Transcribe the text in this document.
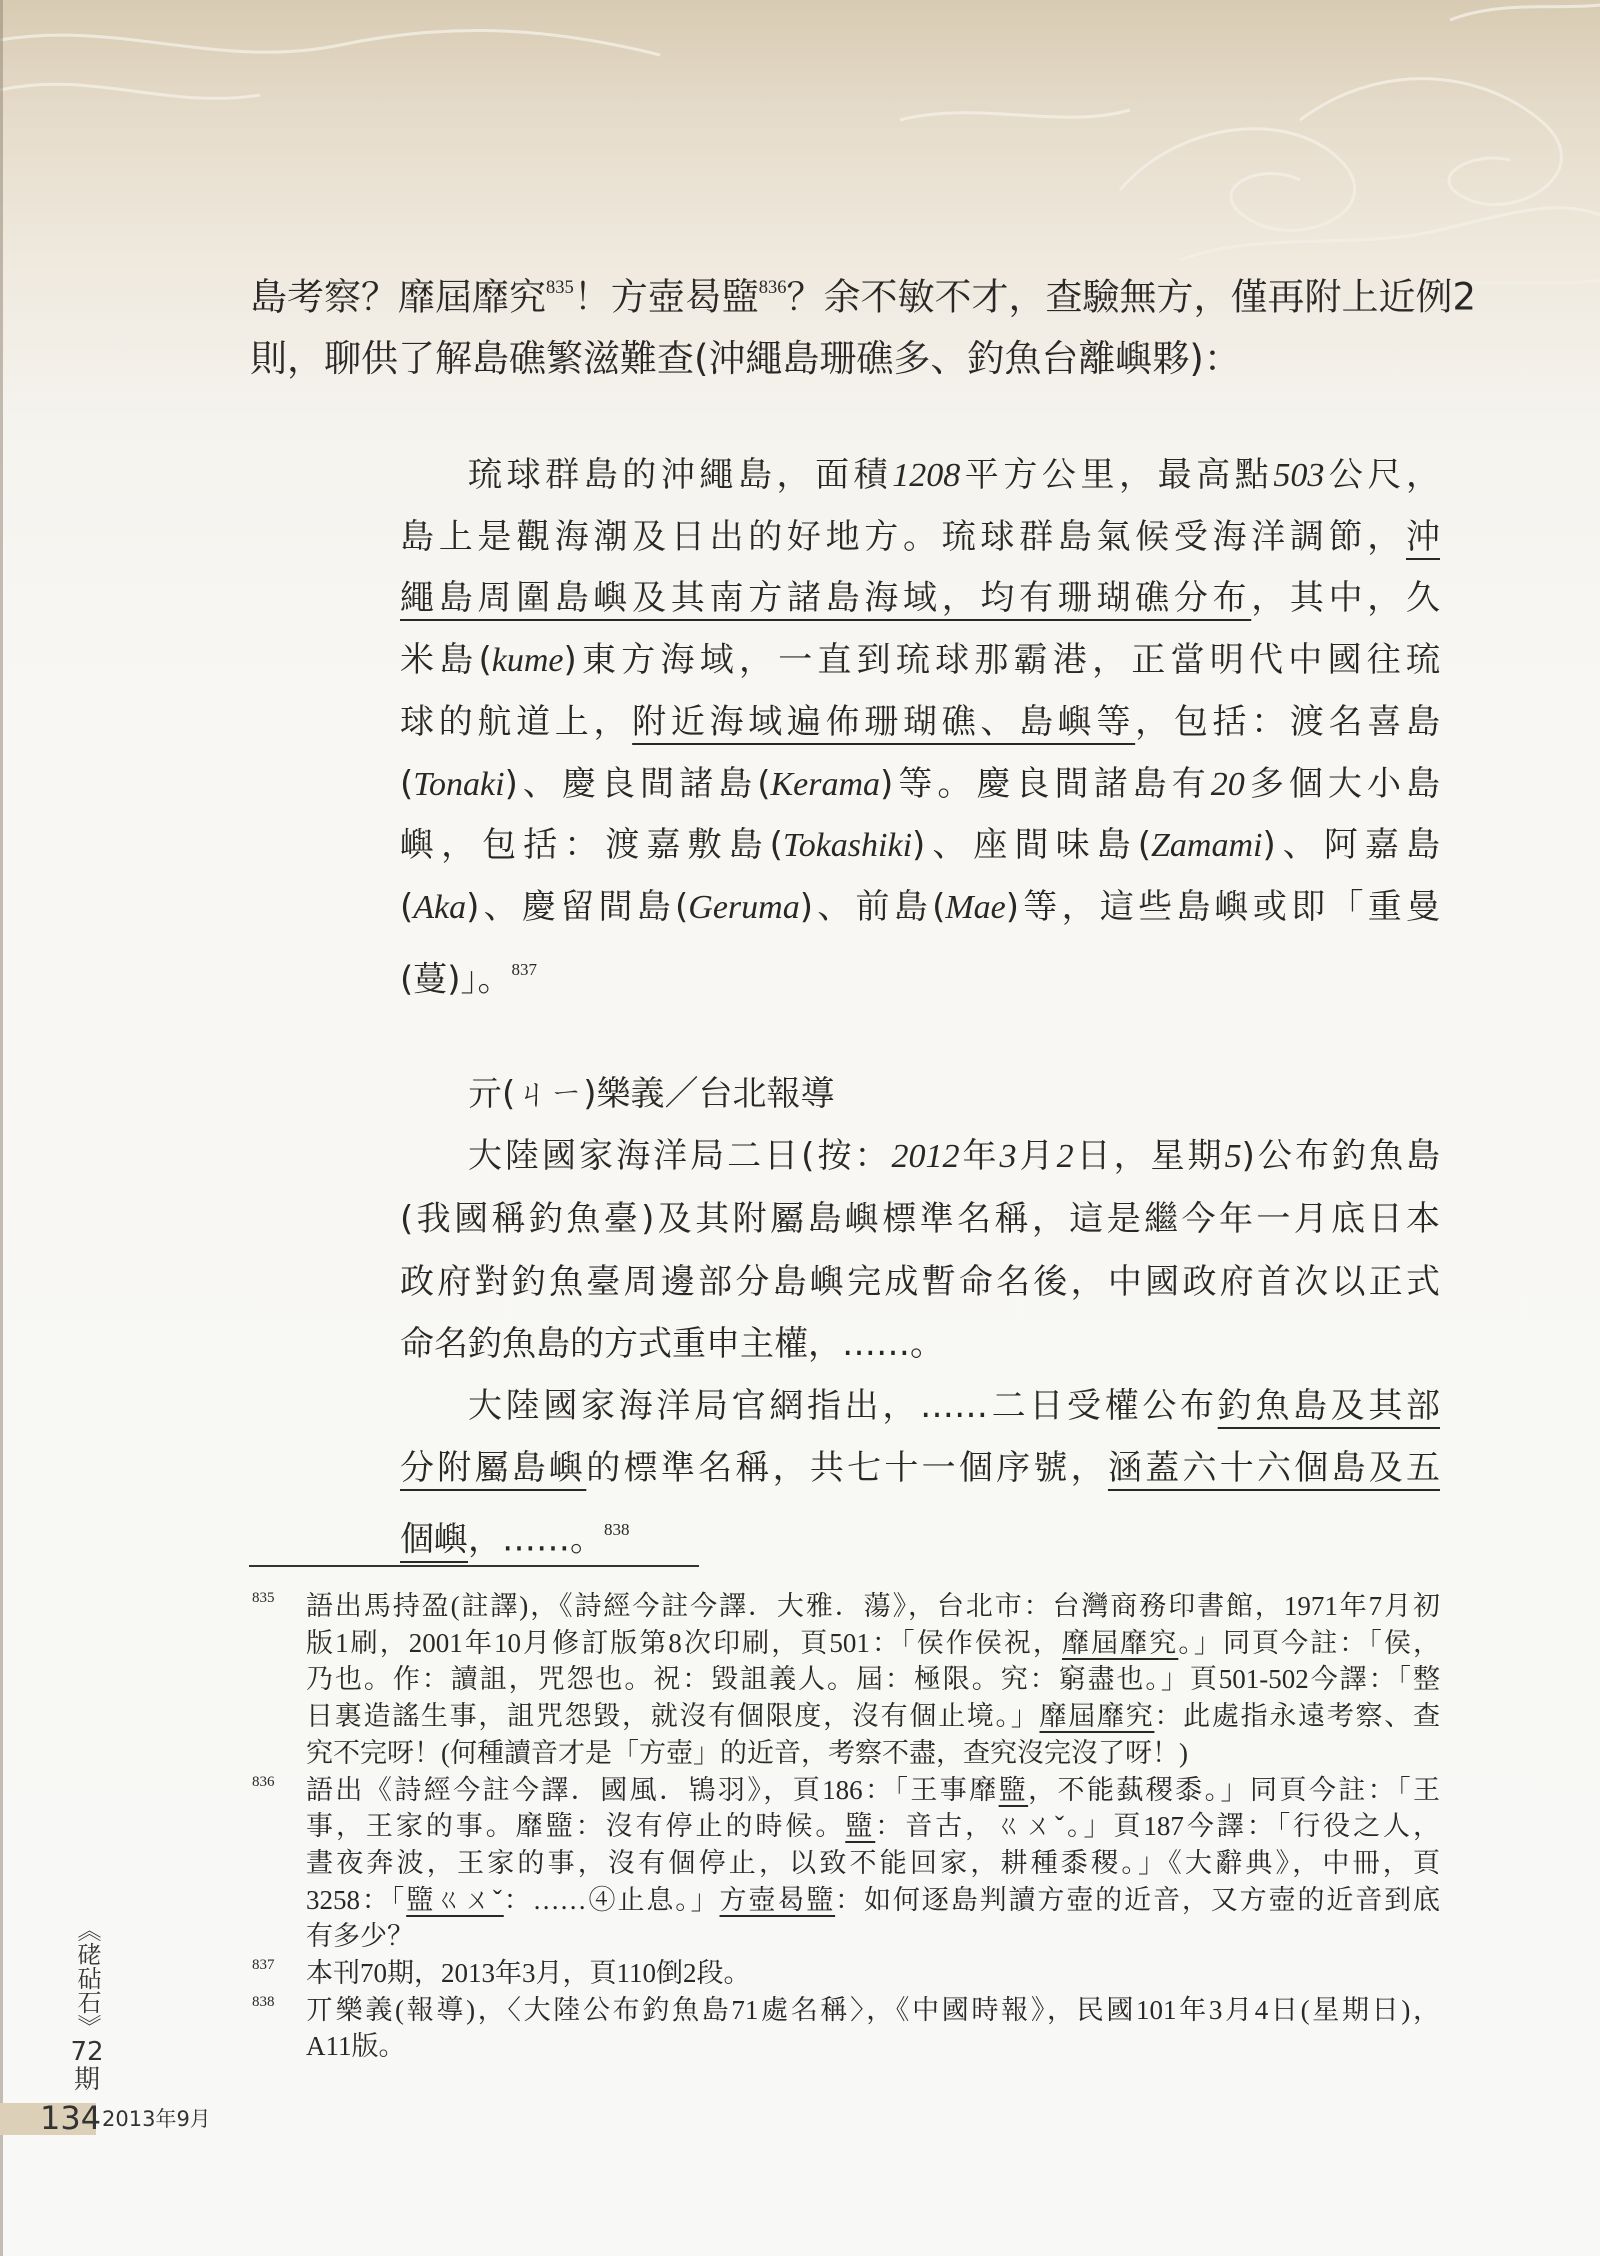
島考察？靡屆靡究$^{835}$！方壺曷盬$^{836}$？余不敏不才，查驗無方，僅再附上近例2
則，聊供了解島礁繁滋難查(沖繩島珊礁多、釣魚台離嶼夥)：
琉球群島的沖繩島，面積1208平方公里，最高點503公尺，
島上是觀海潮及日出的好地方。琉球群島氣候受海洋調節，沖
繩島周圍島嶼及其南方諸島海域，均有珊瑚礁分布，其中，久
米島(kume)東方海域，一直到琉球那霸港，正當明代中國往琉
球的航道上，附近海域遍佈珊瑚礁、島嶼等，包括：渡名喜島
(Tonaki)、慶良間諸島(Kerama)等。慶良間諸島有20多個大小島
嶼，包括：渡嘉敷島(Tokashiki)、座間味島(Zamami)、阿嘉島
(Aka)、慶留間島(Geruma)、前島(Mae)等，這些島嶼或即「重曼
(蔓)」。$^{837}$
亓(ㄐㄧ)樂義／台北報導
大陸國家海洋局二日(按：2012年3月2日，星期5)公布釣魚島
(我國稱釣魚臺)及其附屬島嶼標準名稱，這是繼今年一月底日本
政府對釣魚臺周邊部分島嶼完成暫命名後，中國政府首次以正式
命名釣魚島的方式重申主權，……。
大陸國家海洋局官網指出，……二日受權公布釣魚島及其部
分附屬島嶼的標準名稱，共七十一個序號，涵蓋六十六個島及五
個嶼，……。$^{838}$
835 語出馬持盈(註譯)，《詩經今註今譯．大雅．蕩》，台北市：台灣商務印書館，1971年7月初
版1刷，2001年10月修訂版第8次印刷，頁501：「侯作侯祝，靡屆靡究。」同頁今註：「侯，
乃也。作：讀詛，咒怨也。祝：毀詛義人。屆：極限。究：窮盡也。」頁501-502今譯：「整
日裏造謠生事，詛咒怨毀，就沒有個限度，沒有個止境。」靡屆靡究：此處指永遠考察、查
究不完呀！(何種讀音才是「方壺」的近音，考察不盡，查究沒完沒了呀！)
836 語出《詩經今註今譯．國風．鴇羽》，頁186：「王事靡盬，不能蓺稷黍。」同頁今註：「王
事，王家的事。靡盬：沒有停止的時候。盬：音古，ㄍㄨˇ。」頁187今譯：「行役之人，
晝夜奔波，王家的事，沒有個停止，以致不能回家，耕種黍稷。」《大辭典》，中冊，頁
3258：「盬ㄍㄨˇ：……④止息。」方壺曷盬：如何逐島判讀方壺的近音，又方壺的近音到底
有多少？
837 本刊70期，2013年3月，頁110倒2段。
838 丌樂義(報導)，〈大陸公布釣魚島71處名稱〉，《中國時報》，民國101年3月4日(星期日)，
A11版。
《硓砧石》
72
期
134 2013年9月
